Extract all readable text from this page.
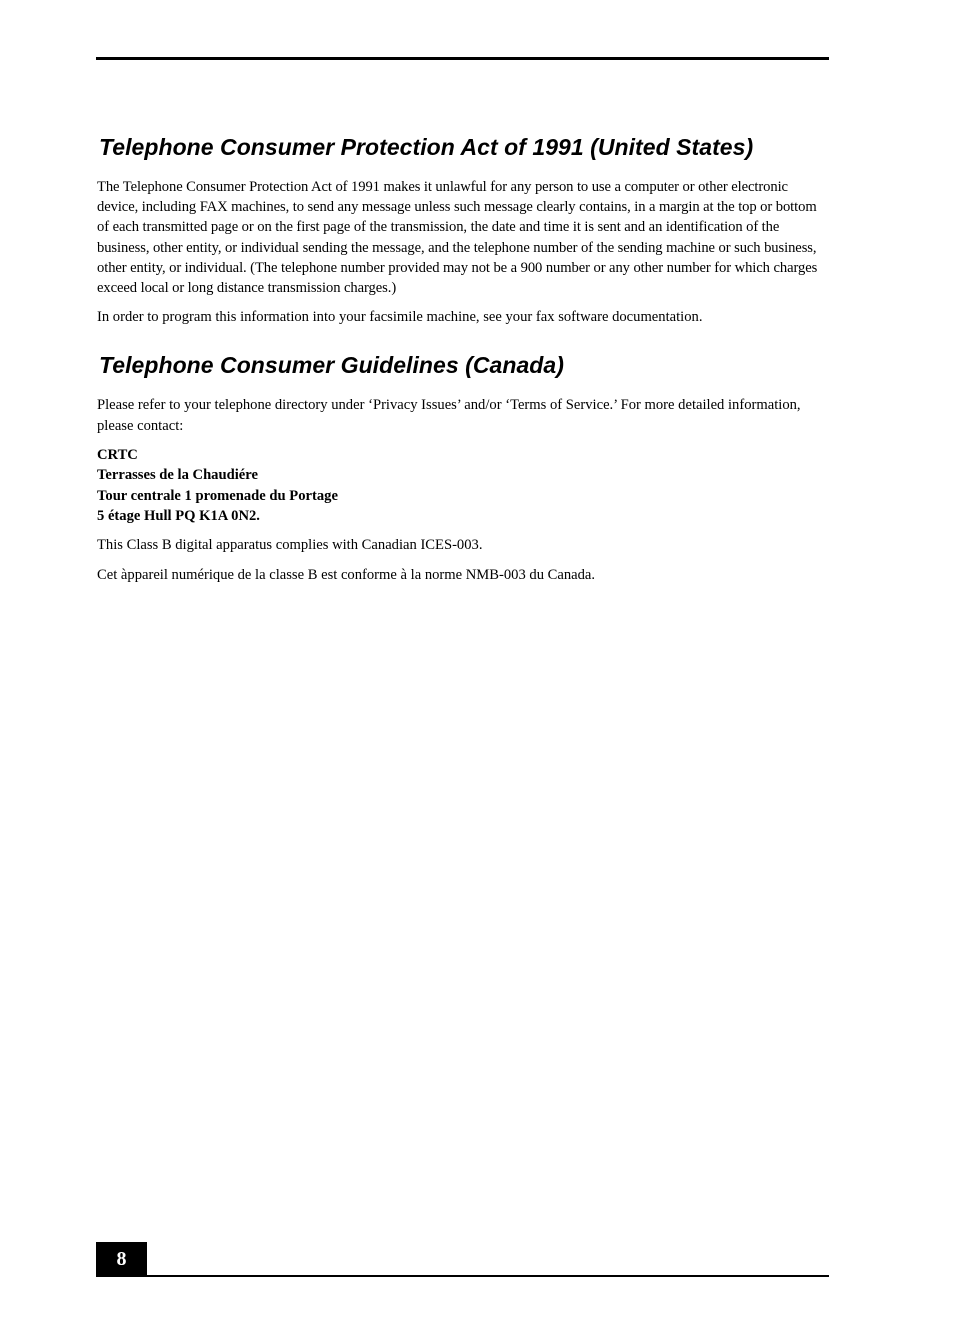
Telephone Consumer Protection Act of 1991 (United States)

The Telephone Consumer Protection Act of 1991 makes it unlawful for any person to use a computer or other electronic device, including FAX machines, to send any message unless such message clearly contains, in a margin at the top or bottom of each transmitted page or on the first page of the transmission, the date and time it is sent and an identification of the business, other entity, or individual sending the message, and the telephone number of the sending machine or such business, other entity, or individual. (The telephone number provided may not be a 900 number or any other number for which charges exceed local or long distance transmission charges.)

In order to program this information into your facsimile machine, see your fax software documentation.

Telephone Consumer Guidelines (Canada)

Please refer to your telephone directory under ‘Privacy Issues’ and/or ‘Terms of Service.’ For more detailed information, please contact:

CRTC
Terrasses de la Chaudiére
Tour centrale 1 promenade du Portage
5 étage Hull PQ K1A 0N2.

This Class B digital apparatus complies with Canadian ICES-003.

Cet àppareil numérique de la classe B est conforme à la norme NMB-003 du Canada.

8
